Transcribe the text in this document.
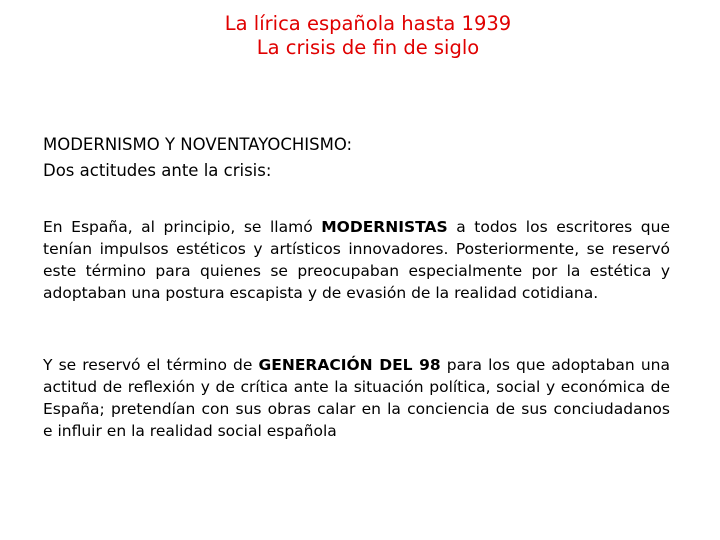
La lírica española hasta 1939
La crisis de fin de siglo
MODERNISMO Y NOVENTAYOCHISMO:
Dos actitudes ante la crisis:

En España, al principio, se llamó MODERNISTAS a todos los escritores que tenían impulsos estéticos y artísticos innovadores. Posteriormente, se reservó este término para quienes se preocupaban especialmente por la estética y adoptaban una postura escapista y de evasión de la realidad cotidiana.

Y se reservó el término de GENERACIÓN DEL 98 para los que adoptaban una actitud de reflexión y de crítica ante la situación política, social y económica de España; pretendían con sus obras calar en la conciencia de sus conciudadanos e influir en la realidad social española
